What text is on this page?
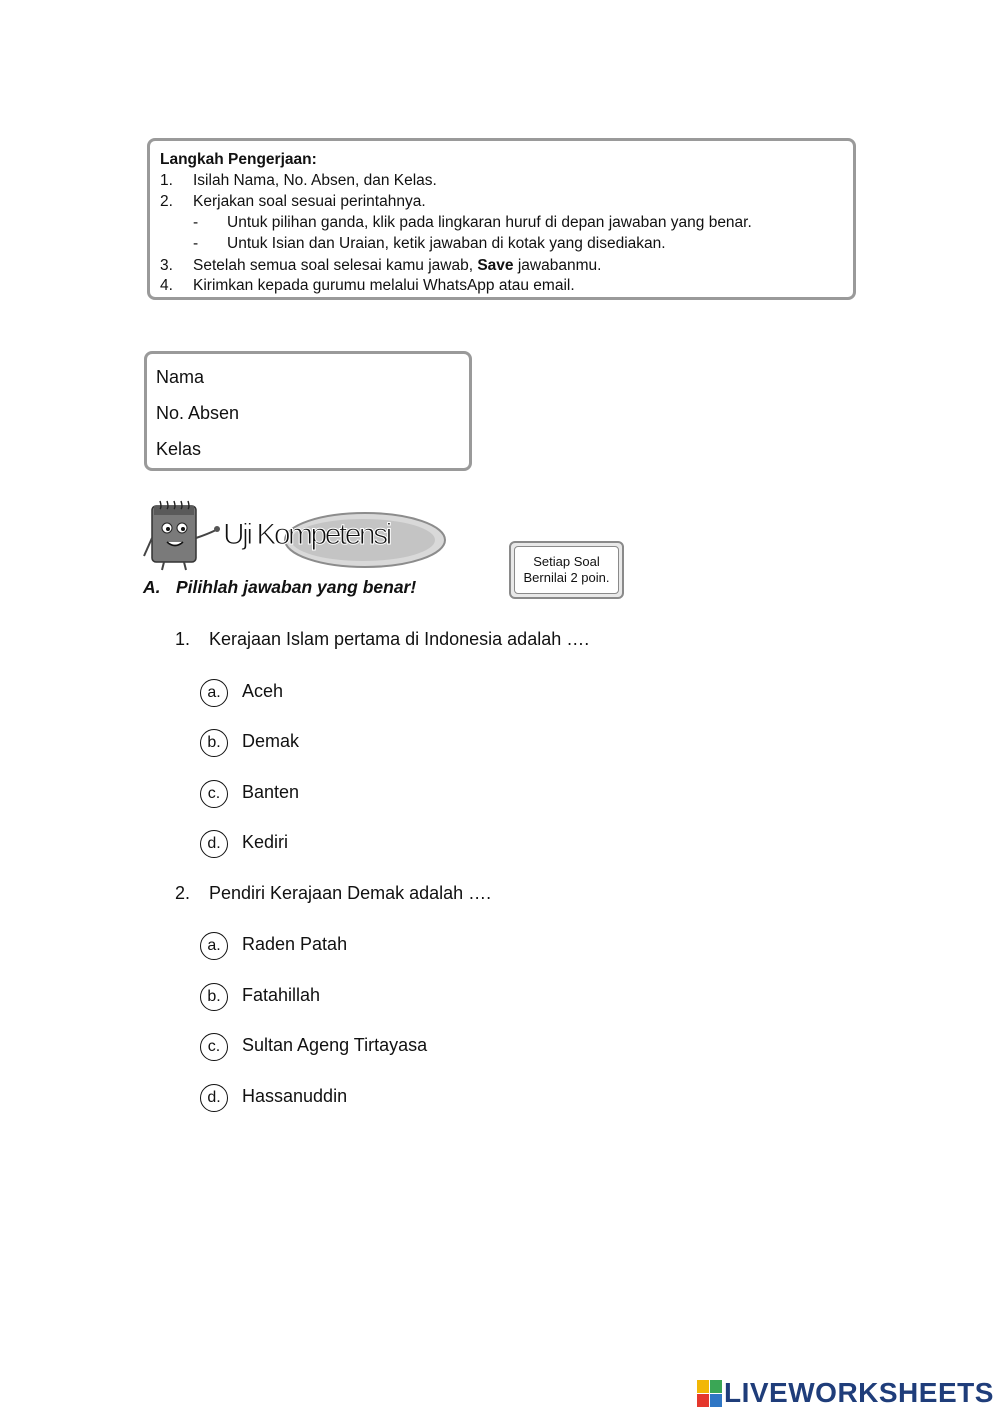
Langkah Pengerjaan:
1. Isilah Nama, No. Absen, dan Kelas.
2. Kerjakan soal sesuai perintahnya.
- Untuk pilihan ganda, klik pada lingkaran huruf di depan jawaban yang benar.
- Untuk Isian dan Uraian, ketik jawaban di kotak yang disediakan.
3. Setelah semua soal selesai kamu jawab, Save jawabanmu.
4. Kirimkan kepada gurumu melalui WhatsApp atau email.
Nama
No. Absen
Kelas
Uji Kompetensi
Setiap Soal
Bernilai 2 poin.
A. Pilihlah jawaban yang benar!
1. Kerajaan Islam pertama di Indonesia adalah ….
a.	Aceh
b.	Demak
c.	Banten
d.	Kediri
2. Pendiri Kerajaan Demak adalah ….
a.	Raden Patah
b.	Fatahillah
c.	Sultan Ageng Tirtayasa
d.	Hassanuddin
LIVEWORKSHEETS
